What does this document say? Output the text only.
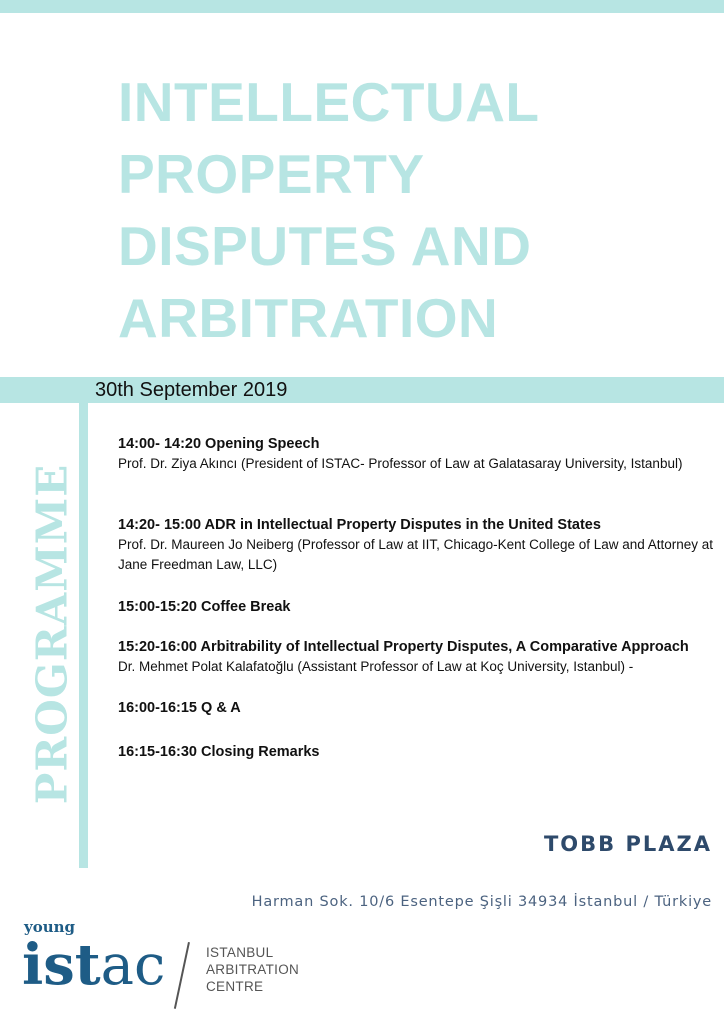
INTELLECTUAL
PROPERTY
DISPUTES AND
ARBITRATION
30th September 2019
PROGRAMME
14:00- 14:20 Opening Speech
Prof. Dr. Ziya Akıncı (President of ISTAC- Professor of Law at Galatasaray University, Istanbul)
14:20- 15:00 ADR in Intellectual Property Disputes in the United States
Prof. Dr. Maureen Jo Neiberg (Professor of Law at IIT, Chicago-Kent College of Law and Attorney at Jane Freedman Law, LLC)
15:00-15:20 Coffee Break
15:20-16:00 Arbitrability of Intellectual Property Disputes, A Comparative Approach
Dr. Mehmet Polat Kalafatoğlu (Assistant Professor of Law at Koç University, Istanbul) -
16:00-16:15 Q & A
16:15-16:30 Closing Remarks
TOBB PLAZA
Harman Sok. 10/6 Esentepe Şişli 34934 İstanbul / Türkiye
young
istac	ISTANBUL
ARBITRATION
CENTRE
